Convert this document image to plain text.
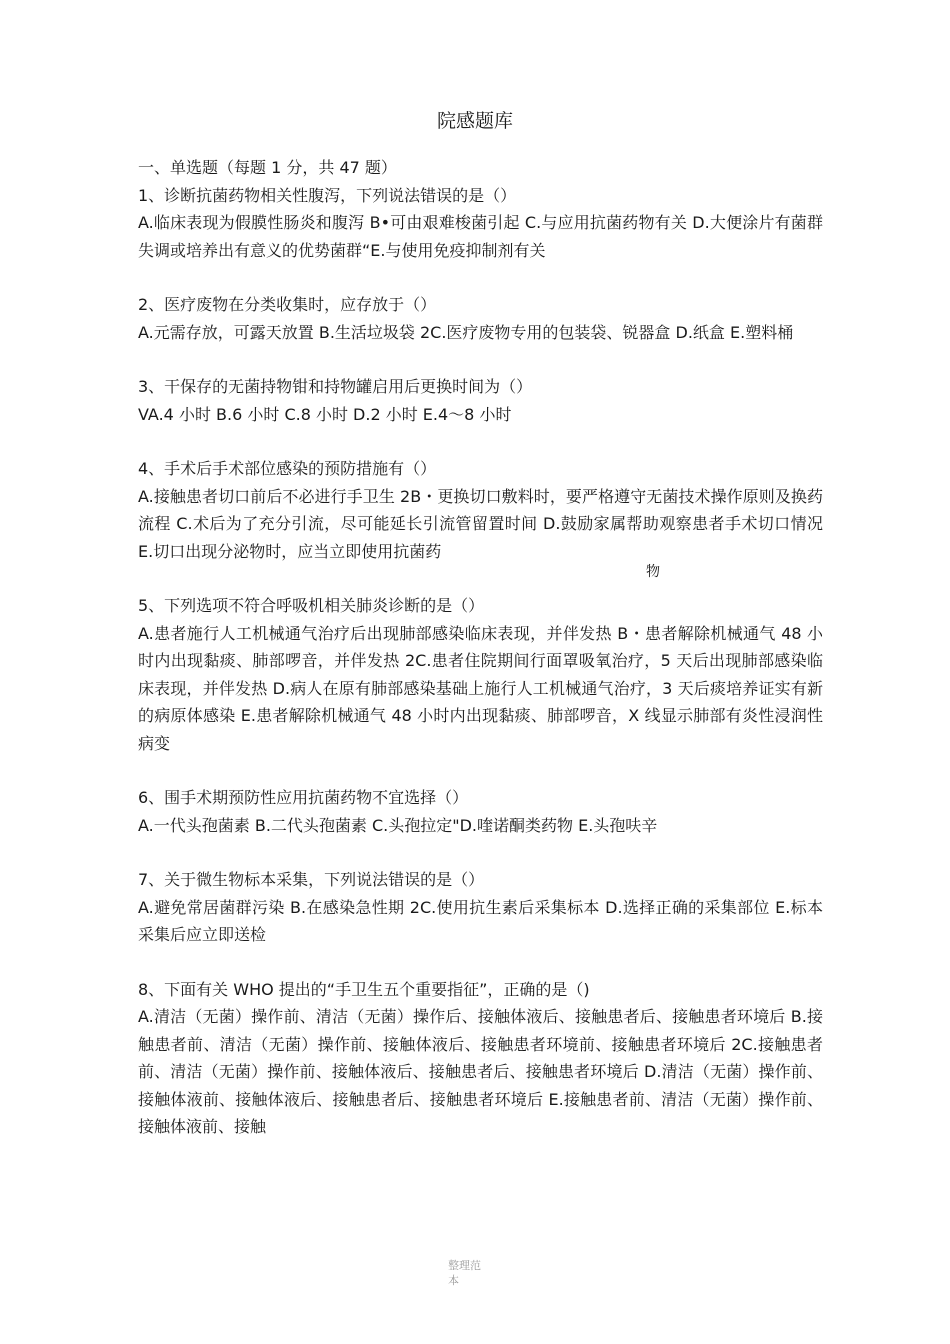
院感题库

一、单选题（每题 1 分，共 47 题）

1、诊断抗菌药物相关性腹泻，下列说法错误的是（）

A.临床表现为假膜性肠炎和腹泻 B•可由艰难梭菌引起 C.与应用抗菌药物有关 D.大便涂片有菌群失调或培养出有意义的优势菌群“E.与使用免疫抑制剂有关

2、医疗废物在分类收集时，应存放于（）

A.元需存放，可露天放置 B.生活垃圾袋 2C.医疗废物专用的包装袋、锐器盒 D.纸盒 E.塑料桶

3、干保存的无菌持物钳和持物罐启用后更换时间为（）

VA.4 小时 B.6 小时 C.8 小时 D.2 小时 E.4〜8 小时

4、手术后手术部位感染的预防措施有（）

A.接触患者切口前后不必进行手卫生 2B・更换切口敷料时，要严格遵守无菌技术操作原则及换药流程 C.术后为了充分引流，尽可能延长引流管留置时间 D.鼓励家属帮助观察患者手术切口情况 E.切口出现分泌物时，应当立即使用抗菌药

5、下列选项不符合呼吸机相关肺炎诊断的是（）

A.患者施行人工机械通气治疗后出现肺部感染临床表现，并伴发热 B・患者解除机械通气 48 小时内出现黏痰、肺部啰音，并伴发热 2C.患者住院期间行面罩吸氧治疗，5 天后出现肺部感染临床表现，并伴发热 D.病人在原有肺部感染基础上施行人工机械通气治疗，3 天后痰培养证实有新的病原体感染 E.患者解除机械通气 48 小时内出现黏痰、肺部啰音，X 线显示肺部有炎性浸润性病变

6、围手术期预防性应用抗菌药物不宜选择（）

A.一代头孢菌素 B.二代头孢菌素 C.头孢拉定"D.喹诺酮类药物 E.头孢呋辛

7、关于微生物标本采集，下列说法错误的是（）

A.避免常居菌群污染 B.在感染急性期 2C.使用抗生素后采集标本 D.选择正确的采集部位 E.标本采集后应立即送检

8、下面有关 WHO 提出的“手卫生五个重要指征”，正确的是（)

A.清洁（无菌）操作前、清洁（无菌）操作后、接触体液后、接触患者后、接触患者环境后 B.接触患者前、清洁（无菌）操作前、接触体液后、接触患者环境前、接触患者环境后 2C.接触患者前、清洁（无菌）操作前、接触体液后、接触患者后、接触患者环境后 D.清洁（无菌）操作前、接触体液前、接触体液后、接触患者后、接触患者环境后 E.接触患者前、清洁（无菌）操作前、接触体液前、接触

物
整理范本
